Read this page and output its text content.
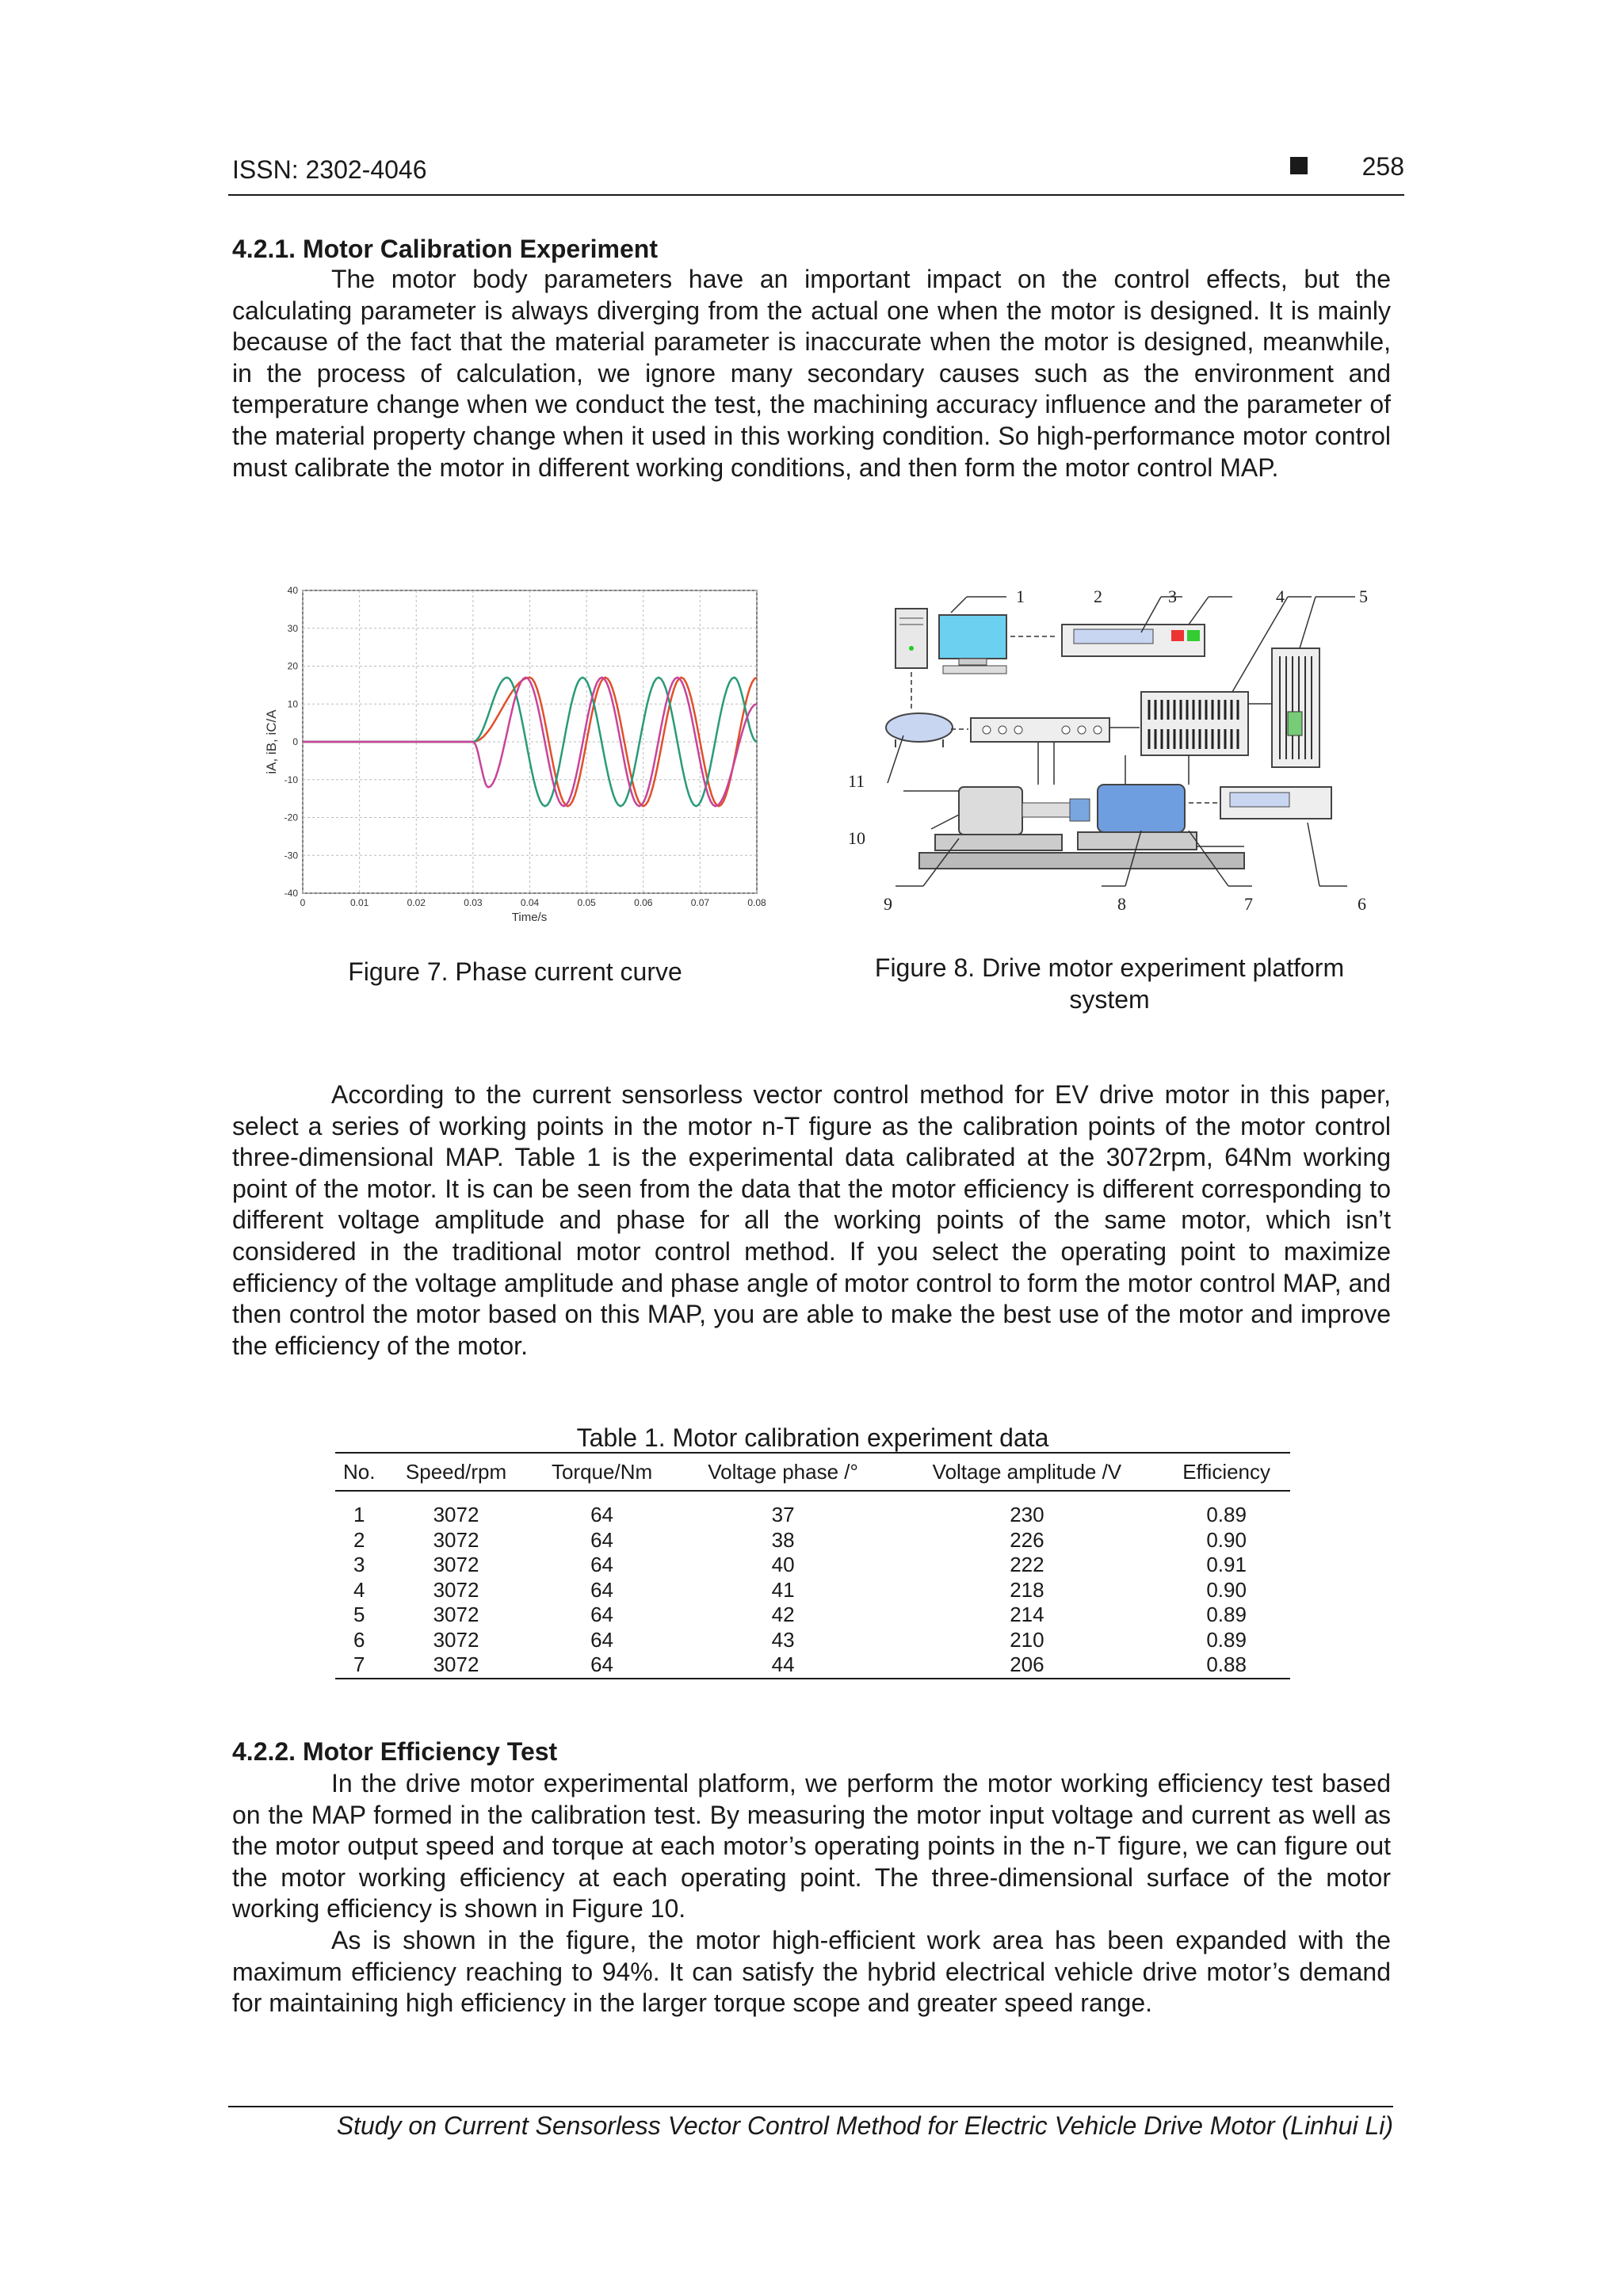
ISSN: 2302-4046	258
4.2.1. Motor Calibration Experiment

The motor body parameters have an important impact on the control effects, but the calculating parameter is always diverging from the actual one when the motor is designed. It is mainly because of the fact that the material parameter is inaccurate when the motor is designed, meanwhile, in the process of calculation, we ignore many secondary causes such as the environment and temperature change when we conduct the test, the machining accuracy influence and the parameter of the material property change when it used in this working condition. So high-performance motor control must calibrate the motor in different working conditions, and then form the motor control MAP.

0	0.01	0.02	0.03	0.04	0.05	0.06	0.07	0.08
40
30
20
10
0
-10
-20
-30
-40
Time/s
iA, iB, iC/A
1	2	3	4	5
6
7
8
9
10
11
Figure 7. Phase current curve	Figure 8. Drive motor experiment platform
system

According to the current sensorless vector control method for EV drive motor in this paper, select a series of working points in the motor n-T figure as the calibration points of the motor control three-dimensional MAP. Table 1 is the experimental data calibrated at the 3072rpm, 64Nm working point of the motor. It is can be seen from the data that the motor efficiency is different corresponding to different voltage amplitude and phase for all the working points of the same motor, which isn’t considered in the traditional motor control method. If you select the operating point to maximize efficiency of the voltage amplitude and phase angle of motor control to form the motor control MAP, and then control the motor based on this MAP, you are able to make the best use of the motor and improve the efficiency of the motor.

Table 1. Motor calibration experiment data
No.	Speed/rpm	Torque/Nm	Voltage phase /°	Voltage amplitude /V	Efficiency
1	3072	64	37	230	0.89
2	3072	64	38	226	0.90
3	3072	64	40	222	0.91
4	3072	64	41	218	0.90
5	3072	64	42	214	0.89
6	3072	64	43	210	0.89
7	3072	64	44	206	0.88
4.2.2. Motor Efficiency Test

In the drive motor experimental platform, we perform the motor working efficiency test based on the MAP formed in the calibration test. By measuring the motor input voltage and current as well as the motor output speed and torque at each motor’s operating points in the n-T figure, we can figure out the motor working efficiency at each operating point. The three-dimensional surface of the motor working efficiency is shown in Figure 10.

As is shown in the figure, the motor high-efficient work area has been expanded with the maximum efficiency reaching to 94%. It can satisfy the hybrid electrical vehicle drive motor’s demand for maintaining high efficiency in the larger torque scope and greater speed range.

Study on Current Sensorless Vector Control Method for Electric Vehicle Drive Motor (Linhui Li)
